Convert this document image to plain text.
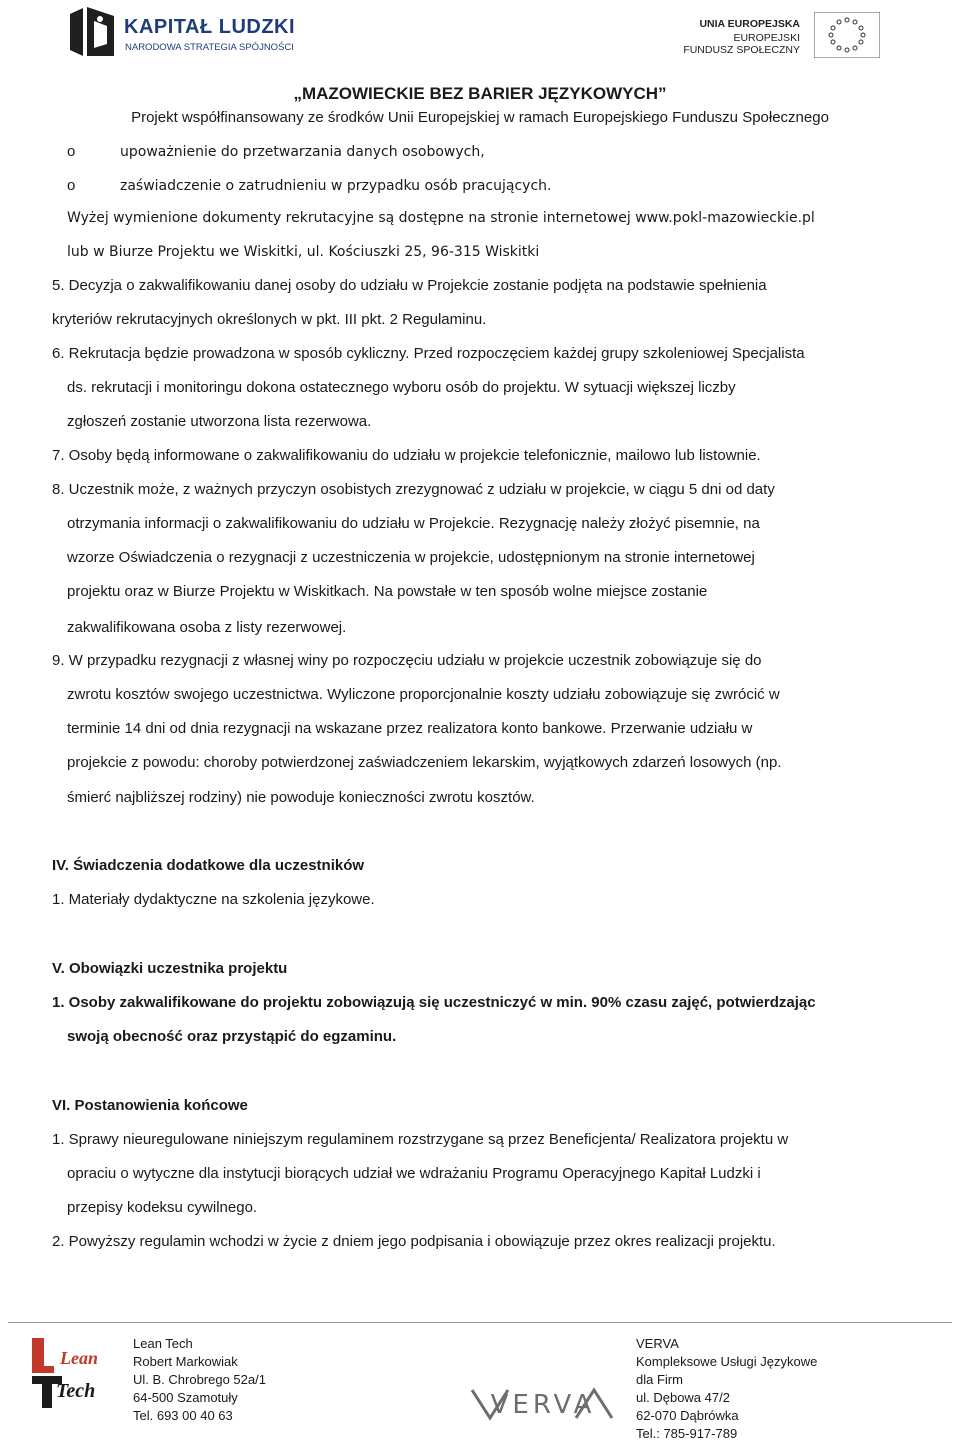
KAPITAŁ LUDZKI
NARODOWA STRATEGIA SPÓJNOŚCI
UNIA EUROPEJSKA
EUROPEJSKI
FUNDUSZ SPOŁECZNY
„MAZOWIECKIE BEZ BARIER JĘZYKOWYCH”
Projekt współfinansowany ze środków Unii Europejskiej w ramach Europejskiego Funduszu Społecznego
o	upoważnienie do przetwarzania danych osobowych,
o	zaświadczenie o zatrudnieniu w przypadku osób pracujących.
Wyżej wymienione dokumenty rekrutacyjne są dostępne na stronie internetowej www.pokl-mazowieckie.pl
lub w Biurze Projektu we Wiskitki, ul. Kościuszki 25, 96-315 Wiskitki
5. Decyzja o zakwalifikowaniu danej osoby do udziału w Projekcie zostanie podjęta na podstawie spełnienia
kryteriów rekrutacyjnych określonych w pkt. III pkt. 2 Regulaminu.
6. Rekrutacja będzie prowadzona w sposób cykliczny. Przed rozpoczęciem każdej grupy szkoleniowej Specjalista
ds. rekrutacji i monitoringu dokona ostatecznego wyboru osób do projektu. W sytuacji większej liczby
zgłoszeń zostanie utworzona lista rezerwowa.
7. Osoby będą informowane o zakwalifikowaniu do udziału w projekcie telefonicznie, mailowo lub listownie.
8. Uczestnik może, z ważnych przyczyn osobistych zrezygnować z udziału w projekcie, w ciągu 5 dni od daty
otrzymania informacji o zakwalifikowaniu do udziału w Projekcie. Rezygnację należy złożyć pisemnie, na
wzorze Oświadczenia o rezygnacji z uczestniczenia w projekcie, udostępnionym na stronie internetowej
projektu oraz w Biurze Projektu w Wiskitkach. Na powstałe w ten sposób wolne miejsce zostanie
zakwalifikowana osoba z listy rezerwowej.
9. W przypadku rezygnacji z własnej winy po rozpoczęciu udziału w projekcie uczestnik zobowiązuje się do
zwrotu kosztów swojego uczestnictwa. Wyliczone proporcjonalnie koszty udziału zobowiązuje się zwrócić w
terminie 14 dni od dnia rezygnacji na wskazane przez realizatora konto bankowe. Przerwanie udziału w
projekcie z powodu: choroby potwierdzonej zaświadczeniem lekarskim, wyjątkowych zdarzeń losowych (np.
śmierć najbliższej rodziny) nie powoduje konieczności zwrotu kosztów.
IV. Świadczenia dodatkowe dla uczestników
1. Materiały dydaktyczne na szkolenia językowe.
V. Obowiązki uczestnika projektu
1. Osoby zakwalifikowane do projektu zobowiązują się uczestniczyć w min. 90% czasu zajęć, potwierdzając
swoją obecność oraz przystąpić do egzaminu.
VI. Postanowienia końcowe
1. Sprawy nieuregulowane niniejszym regulaminem rozstrzygane są przez Beneficjenta/ Realizatora projektu w
opraciu o wytyczne dla instytucji biorących udział we wdrażaniu Programu Operacyjnego Kapitał Ludzki i
przepisy kodeksu cywilnego.
2. Powyższy regulamin wchodzi w życie z dniem jego podpisania i obowiązuje przez okres realizacji projektu.
Lean
Tech
Lean Tech
Robert Markowiak
Ul. B. Chrobrego 52a/1
64-500 Szamotuły
Tel. 693 00 40 63	VERVA
VERVA
Kompleksowe Usługi Językowe
dla Firm
ul. Dębowa 47/2
62-070 Dąbrówka
Tel.: 785-917-789
